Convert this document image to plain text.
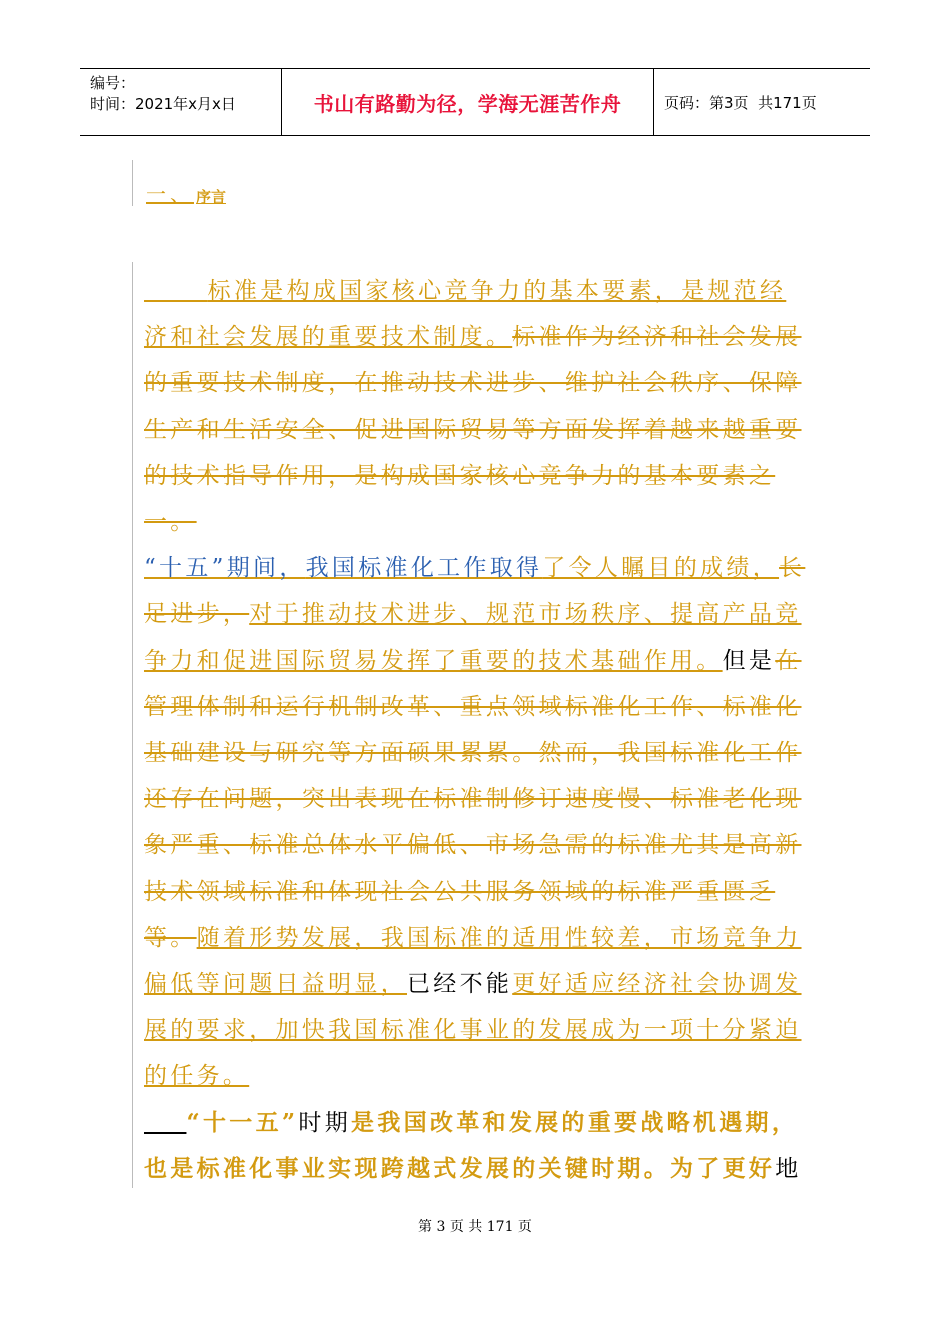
编号：
时间：2021年x月x日	书山有路勤为径，学海无涯苦作舟	页码：第3页  共171页
一、 序言

标准是构成国家核心竞争力的基本要素，是规范经济和社会发展的重要技术制度。标准作为经济和社会发展的重要技术制度，在推动技术进步、维护社会秩序、保障生产和生活安全、促进国际贸易等方面发挥着越来越重要的技术指导作用，是构成国家核心竞争力的基本要素之一。

“十五”期间，我国标准化工作取得了令人瞩目的成绩，长足进步，对于推动技术进步、规范市场秩序、提高产品竞争力和促进国际贸易发挥了重要的技术基础作用。但是在管理体制和运行机制改革、重点领域标准化工作、标准化基础建设与研究等方面硕果累累。然而，我国标准化工作还存在问题，突出表现在标准制修订速度慢、标准老化现象严重、标准总体水平偏低、市场急需的标准尤其是高新技术领域标准和体现社会公共服务领域的标准严重匮乏等。随着形势发展，我国标准的适用性较差，市场竞争力偏低等问题日益明显，已经不能更好适应经济社会协调发展的要求，加快我国标准化事业的发展成为一项十分紧迫的任务。

“十一五”时期是我国改革和发展的重要战略机遇期，也是标准化事业实现跨越式发展的关键时期。为了更好地

第 3 页 共 171 页
